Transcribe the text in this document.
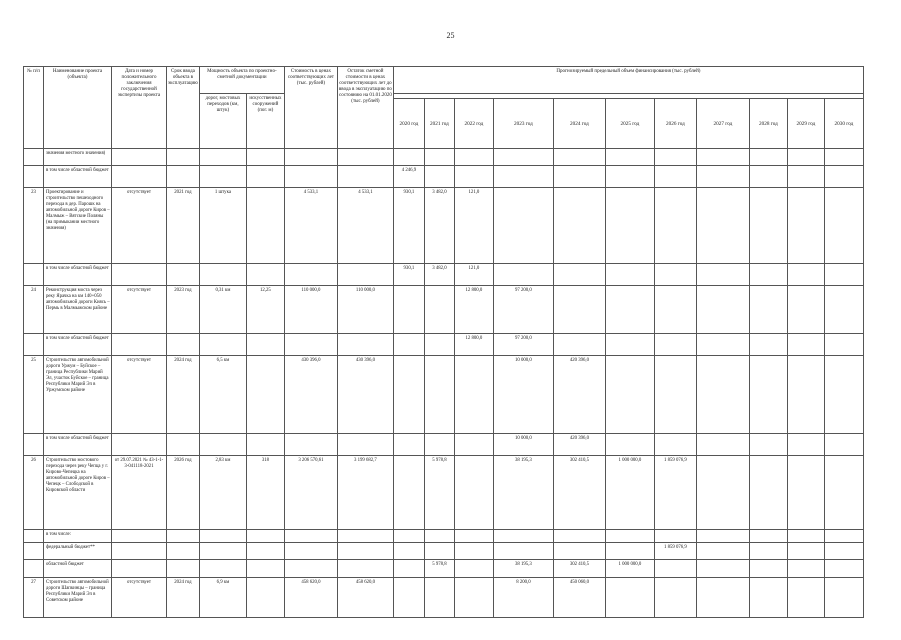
25
№ п/п	Наименование проекта (объекта)	Дата и номер положительного заключения государственной экспертизы проекта	Срок ввода объекта в эксплуатацию	Мощность объекта по проектно-сметной документации		Стоимость в ценах соответствующих лет (тыс. рублей)	Остаток сметной стоимости в ценах соответствующих лет до ввода в эксплуатацию по состоянию на 01.01.2020 (тыс. рублей)	Прогнозируемый предельный объем финансирования (тыс. рублей)										
				дорог, мостовых переходов (км, штук)	искусственных сооружений (пог. м)													
								2020 год	2021 год	2022 год	2023 год	2024 год	2025 год	2026 год	2027 год	2028 год	2029 год	2030 год
	значения местного значения)																	
	в том числе областной бюджет							4 246,9										
23	Проектирование и строительство пешеходного перехода в дер. Парошк на автомобильной дороге Киров – Малмыж – Вятские Поляны (на примыкании местного значения)	отсутствует	2021 год	1 штука		4 533,1	4 533,1	930,1	3 482,0	121,0								
	в том числе областной бюджет							930,1	3 482,0	121,0								
24	Реконструкция моста через реку Ярачка на км 140+050 автомобильной дороги Киясь – Пермь в Малмыжском районе	отсутствует	2023 год	0,31 км	12,25	110 000,0	110 000,0			12 800,0	97 200,0							
	в том числе областной бюджет									12 800,0	97 200,0							
25	Строительство автомобильной дороги Уржум – Буйское – граница Республики Марий Эл, участок Буйское – граница Республики Марий Эл в Уржумском районе	отсутствует	2024 год	6,5 км		430 396,0	430 396,0				10 000,0	420 396,0						
	в том числе областной бюджет										10 000,0	420 396,0						
26	Строительство мостового перехода через реку Чепца у г. Кирово-Чепецка на автомобильной дороге Киров – Чепецк – Слободской в Кировской области	от 29.07.2021 № 43-1-1-3-041118-2021	2026 год	2,83 км	318	3 206 570,61	3 199 682,7		5 978,8		38 195,3	302 410,5	1 000 000,0	1 859 076,9				
	в том числе:																	
	федеральный бюджет**													1 859 076,9				
	областной бюджет								5 978,8		38 195,3	302 410,5	1 000 000,0					
27	Строительство автомобильной дороги Шапкинцы – граница Республики Марий Эл в Советском районе	отсутствует	2024 год	6,9 км		458 620,0	458 620,0				8 200,0	450 060,0						
